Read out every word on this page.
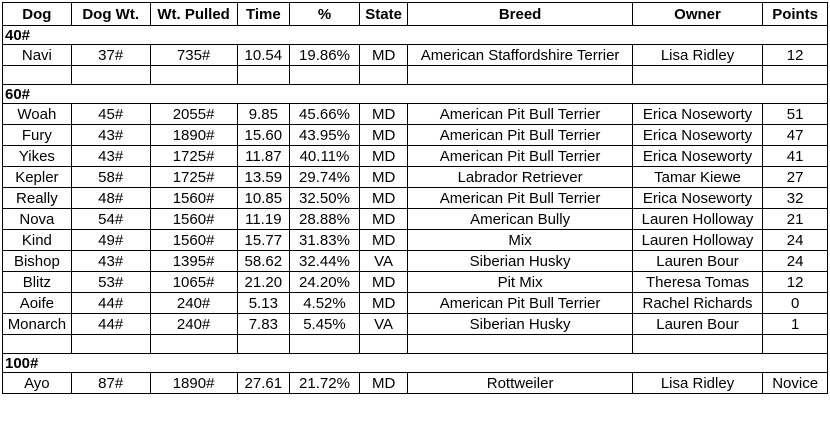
Dog	Dog Wt.	Wt. Pulled	Time	%	State	Breed	Owner	Points
40#								
Navi	37#	735#	10.54	19.86%	MD	American Staffordshire Terrier	Lisa Ridley	12

60#								
Woah	45#	2055#	9.85	45.66%	MD	American Pit Bull Terrier	Erica Noseworty	51
Fury	43#	1890#	15.60	43.95%	MD	American Pit Bull Terrier	Erica Noseworty	47
Yikes	43#	1725#	11.87	40.11%	MD	American Pit Bull Terrier	Erica Noseworty	41
Kepler	58#	1725#	13.59	29.74%	MD	Labrador Retriever	Tamar Kiewe	27
Really	48#	1560#	10.85	32.50%	MD	American Pit Bull Terrier	Erica Noseworty	32
Nova	54#	1560#	11.19	28.88%	MD	American Bully	Lauren Holloway	21
Kind	49#	1560#	15.77	31.83%	MD	Mix	Lauren Holloway	24
Bishop	43#	1395#	58.62	32.44%	VA	Siberian Husky	Lauren Bour	24
Blitz	53#	1065#	21.20	24.20%	MD	Pit Mix	Theresa Tomas	12
Aoife	44#	240#	5.13	4.52%	MD	American Pit Bull Terrier	Rachel Richards	0
Monarch	44#	240#	7.83	5.45%	VA	Siberian Husky	Lauren Bour	1

100#								
Ayo	87#	1890#	27.61	21.72%	MD	Rottweiler	Lisa Ridley	Novice
